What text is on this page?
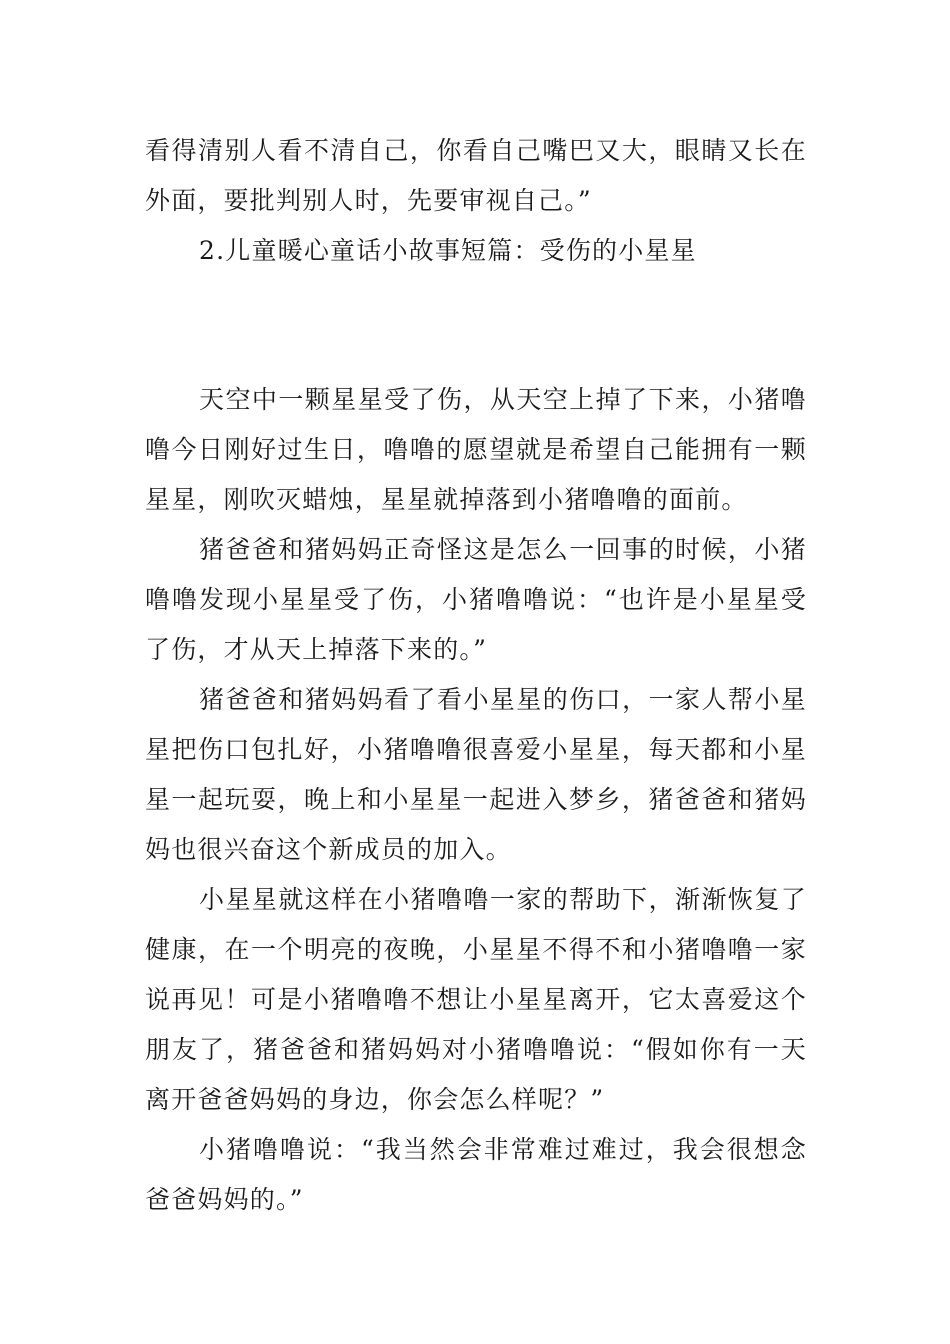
看得清别人看不清自己，你看自己嘴巴又大，眼睛又长在外面，要批判别人时，先要审视自己。”

2.儿童暖心童话小故事短篇：受伤的小星星

天空中一颗星星受了伤，从天空上掉了下来，小猪噜噜今日刚好过生日，噜噜的愿望就是希望自己能拥有一颗星星，刚吹灭蜡烛，星星就掉落到小猪噜噜的面前。

猪爸爸和猪妈妈正奇怪这是怎么一回事的时候，小猪噜噜发现小星星受了伤，小猪噜噜说：“也许是小星星受了伤，才从天上掉落下来的。”

猪爸爸和猪妈妈看了看小星星的伤口，一家人帮小星星把伤口包扎好，小猪噜噜很喜爱小星星，每天都和小星星一起玩耍，晚上和小星星一起进入梦乡，猪爸爸和猪妈妈也很兴奋这个新成员的加入。

小星星就这样在小猪噜噜一家的帮助下，渐渐恢复了健康，在一个明亮的夜晚，小星星不得不和小猪噜噜一家说再见！可是小猪噜噜不想让小星星离开，它太喜爱这个朋友了，猪爸爸和猪妈妈对小猪噜噜说：“假如你有一天离开爸爸妈妈的身边，你会怎么样呢？”

小猪噜噜说：“我当然会非常难过难过，我会很想念爸爸妈妈的。”
